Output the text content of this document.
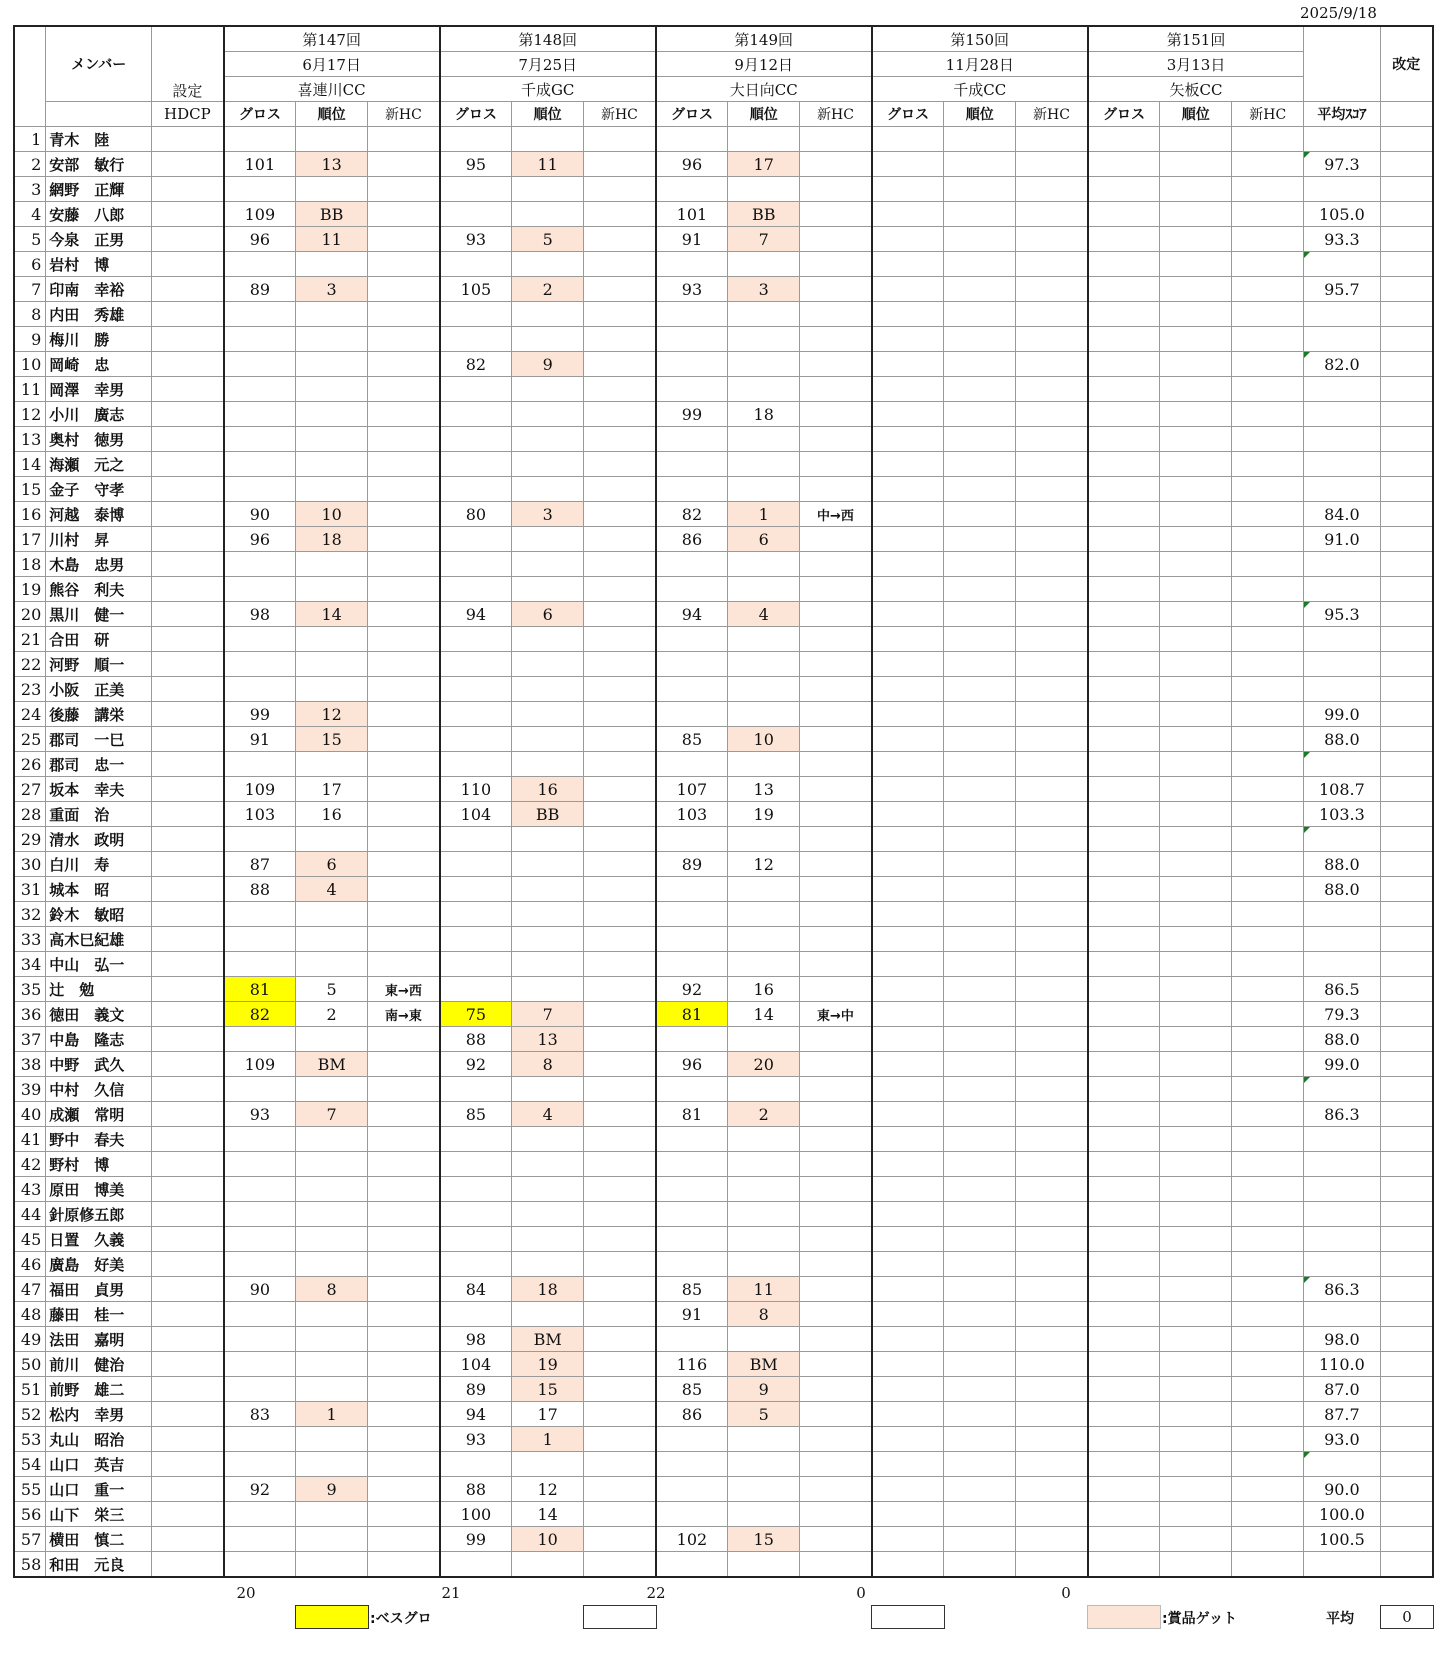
2025/9/18
	メンバー	設定	第147回			第148回			第149回			第150回			第151回				改定
			6月17日			7月25日			9月12日			11月28日			3月13日				
			喜連川CC			千成GC			大日向CC			千成CC			矢板CC				
		HDCP	グロス	順位	新HC	グロス	順位	新HC	グロス	順位	新HC	グロス	順位	新HC	グロス	順位	新HC	平均ｽｺｱ	
1	青木　陸																		
2	安部　敏行		101	13		95	11		96	17								97.3	
3	網野　正輝																		
4	安藤　八郎		109	BB					101	BB								105.0	
5	今泉　正男		96	11		93	5		91	7								93.3	
6	岩村　博																		
7	印南　幸裕		89	3		105	2		93	3								95.7	
8	内田　秀雄																		
9	梅川　勝																		
10	岡崎　忠					82	9											82.0	
11	岡澤　幸男																		
12	小川　廣志								99	18									
13	奥村　徳男																		
14	海瀬　元之																		
15	金子　守孝																		
16	河越　泰博		90	10		80	3		82	1	中→西							84.0	
17	川村　昇		96	18					86	6								91.0	
18	木島　忠男																		
19	熊谷　利夫																		
20	黒川　健一		98	14		94	6		94	4								95.3	
21	合田　研																		
22	河野　順一																		
23	小阪　正美																		
24	後藤　講栄		99	12														99.0	
25	郡司　一巳		91	15					85	10								88.0	
26	郡司　忠一																		
27	坂本　幸夫		109	17		110	16		107	13								108.7	
28	重面　治		103	16		104	BB		103	19								103.3	
29	清水　政明																		
30	白川　寿		87	6					89	12								88.0	
31	城本　昭		88	4														88.0	
32	鈴木　敏昭																		
33	高木巳紀雄																		
34	中山　弘一																		
35	辻　勉		81	5	東→西				92	16								86.5	
36	徳田　義文		82	2	南→東	75	7		81	14	東→中							79.3	
37	中島　隆志					88	13											88.0	
38	中野　武久		109	BM		92	8		96	20								99.0	
39	中村　久信																		
40	成瀬　常明		93	7		85	4		81	2								86.3	
41	野中　春夫																		
42	野村　博																		
43	原田　博美																		
44	針原修五郎																		
45	日置　久義																		
46	廣島　好美																		
47	福田　貞男		90	8		84	18		85	11								86.3	
48	藤田　桂一								91	8									
49	法田　嘉明					98	BM											98.0	
50	前川　健治					104	19		116	BM								110.0	
51	前野　雄二					89	15		85	9								87.0	
52	松内　幸男		83	1		94	17		86	5								87.7	
53	丸山　昭治					93	1											93.0	
54	山口　英吉																		
55	山口　重一		92	9		88	12											90.0	
56	山下　栄三					100	14											100.0	
57	横田　慎二					99	10		102	15								100.5	
58	和田　元良																		
20	21	22	0	0
:ベスグロ	:賞品ゲット	平均	0
